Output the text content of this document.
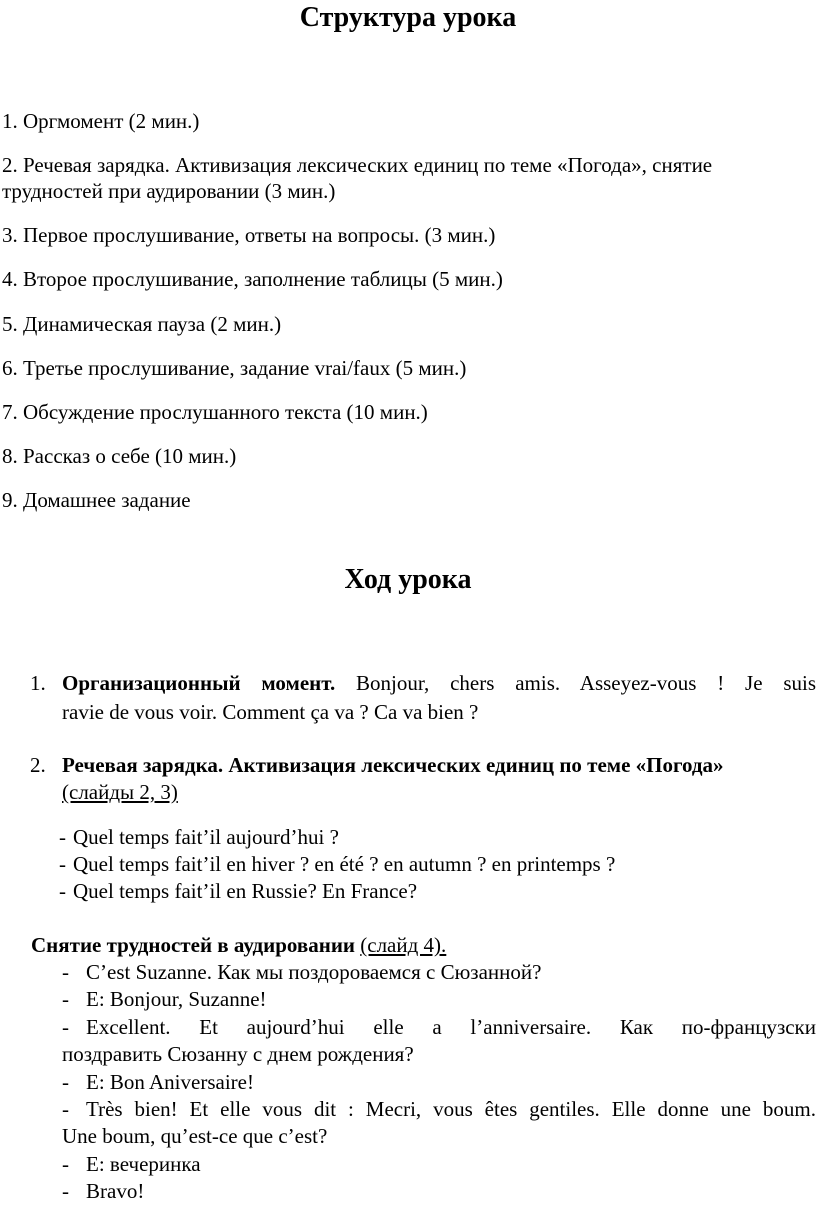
Структура урока

1. Оргмомент (2 мин.)

2. Речевая зарядка. Активизация лексических единиц по теме «Погода», снятие

трудностей при аудировании (3 мин.)

3. Первое прослушивание, ответы на вопросы. (3 мин.)

4. Второе прослушивание, заполнение таблицы (5 мин.)

5. Динамическая пауза (2 мин.)

6. Третье прослушивание, задание vrai/faux (5 мин.)

7. Обсуждение прослушанного текста (10 мин.)

8. Рассказ о себе (10 мин.)

9. Домашнее задание

Ход урока
1. Организационный момент. Bonjour, chers amis. Asseyez-vous ! Je suis
ravie de vous voir. Comment ça va ? Ca va bien ?
2. Речевая зарядка. Активизация лексических единиц по теме «Погода»
(слайды 2, 3)
- Quel temps fait’il aujourd’hui ?
- Quel temps fait’il en hiver ? en été ? en autumn ? en printemps ?
- Quel temps fait’il en Russie? En France?
Снятие трудностей в аудировании (слайд 4).
- C’est Suzanne. Как мы поздороваемся с Сюзанной?
- E: Bonjour, Suzanne!
- Excellent. Et aujourd’hui elle a l’anniversaire. Как по-французски
поздравить Сюзанну с днем рождения?
- E: Bon Aniversaire!
- Très bien! Et elle vous dit : Mecri, vous êtes gentiles. Elle donne une boum.
Une boum, qu’est-ce que c’est?
- E: вечеринка
- Bravo!
